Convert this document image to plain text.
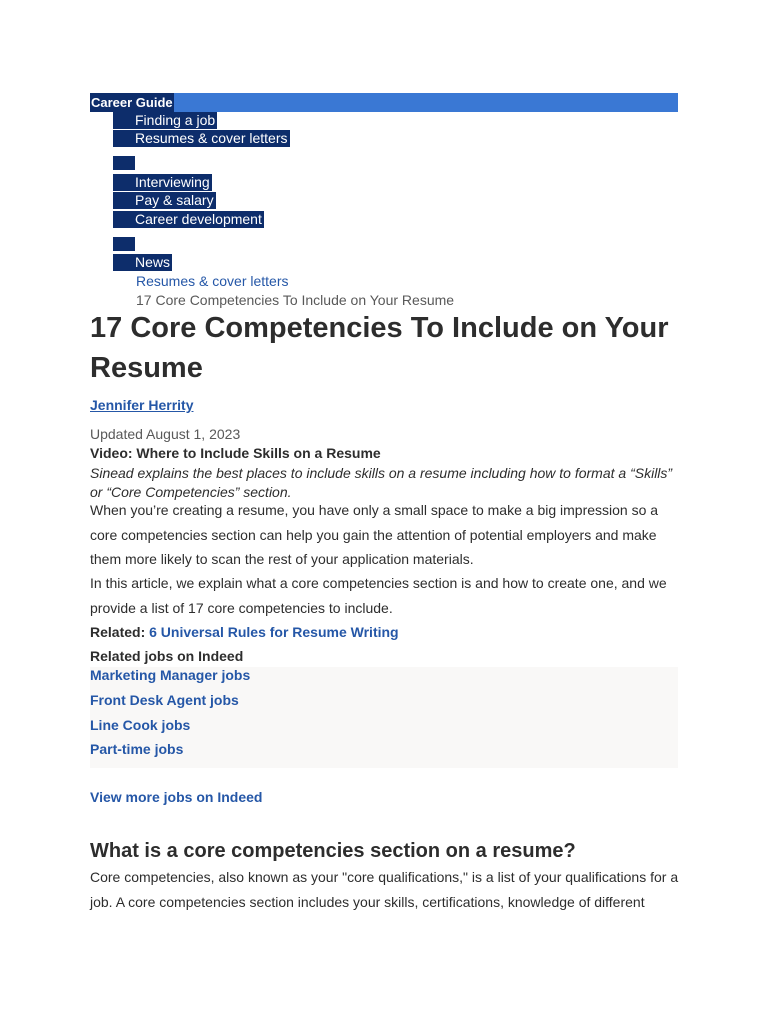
Career Guide
Finding a job
Resumes & cover letters
Interviewing
Pay & salary
Career development
News
Resumes & cover letters
17 Core Competencies To Include on Your Resume
17 Core Competencies To Include on Your Resume
Jennifer Herrity
Updated August 1, 2023
Video: Where to Include Skills on a Resume
Sinead explains the best places to include skills on a resume including how to format a “Skills” or “Core Competencies” section.

When you’re creating a resume, you have only a small space to make a big impression so a core competencies section can help you gain the attention of potential employers and make them more likely to scan the rest of your application materials.

In this article, we explain what a core competencies section is and how to create one, and we provide a list of 17 core competencies to include.

Related: 6 Universal Rules for Resume Writing
Related jobs on Indeed
Marketing Manager jobs
Front Desk Agent jobs
Line Cook jobs
Part-time jobs
View more jobs on Indeed
What is a core competencies section on a resume?

Core competencies, also known as your "core qualifications," is a list of your qualifications for a job. A core competencies section includes your skills, certifications, knowledge of different
